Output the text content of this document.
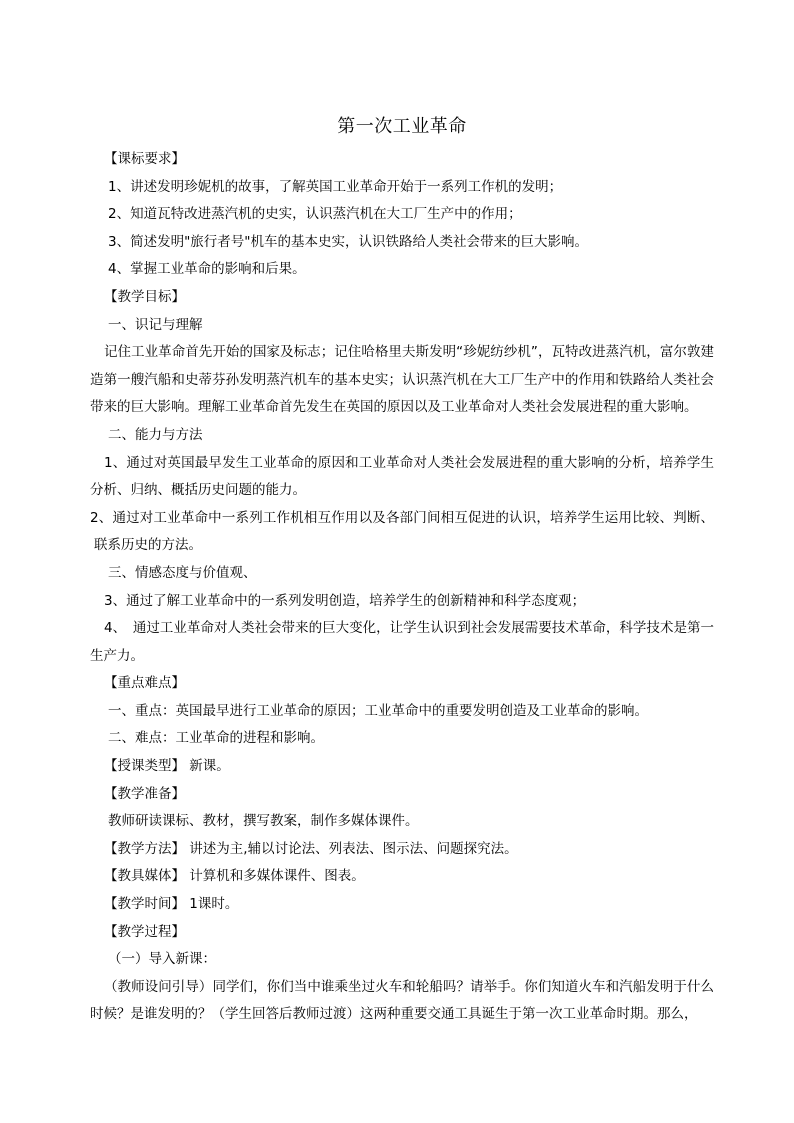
第一次工业革命
【课标要求】
1、讲述发明珍妮机的故事，了解英国工业革命开始于一系列工作机的发明；
2、知道瓦特改进蒸汽机的史实，认识蒸汽机在大工厂生产中的作用；
3、简述发明"旅行者号"机车的基本史实，认识铁路给人类社会带来的巨大影响。
4、掌握工业革命的影响和后果。
【教学目标】
一、识记与理解
记住工业革命首先开始的国家及标志；记住哈格里夫斯发明“珍妮纺纱机”，瓦特改进蒸汽机，富尔敦建造第一艘汽船和史蒂芬孙发明蒸汽机车的基本史实；认识蒸汽机在大工厂生产中的作用和铁路给人类社会带来的巨大影响。理解工业革命首先发生在英国的原因以及工业革命对人类社会发展进程的重大影响。
二、能力与方法
1、通过对英国最早发生工业革命的原因和工业革命对人类社会发展进程的重大影响的分析，培养学生分析、归纳、概括历史问题的能力。
2、通过对工业革命中一系列工作机相互作用以及各部门间相互促进的认识，培养学生运用比较、判断、联系历史的方法。
三、情感态度与价值观、
3、通过了解工业革命中的一系列发明创造，培养学生的创新精神和科学态度观；
4、　通过工业革命对人类社会带来的巨大变化，让学生认识到社会发展需要技术革命，科学技术是第一生产力。
【重点难点】
一、重点：英国最早进行工业革命的原因；工业革命中的重要发明创造及工业革命的影响。
二、难点：工业革命的进程和影响。
【授课类型】 新课。
【教学准备】
教师研读课标、教材，撰写教案，制作多媒体课件。
【教学方法】 讲述为主,辅以讨论法、列表法、图示法、问题探究法。
【教具媒体】 计算机和多媒体课件、图表。
【教学时间】 1课时。
【教学过程】
（一）导入新课：
（教师设问引导）同学们，你们当中谁乘坐过火车和轮船吗？请举手。你们知道火车和汽船发明于什么时候？是谁发明的？（学生回答后教师过渡）这两种重要交通工具诞生于第一次工业革命时期。那么，
